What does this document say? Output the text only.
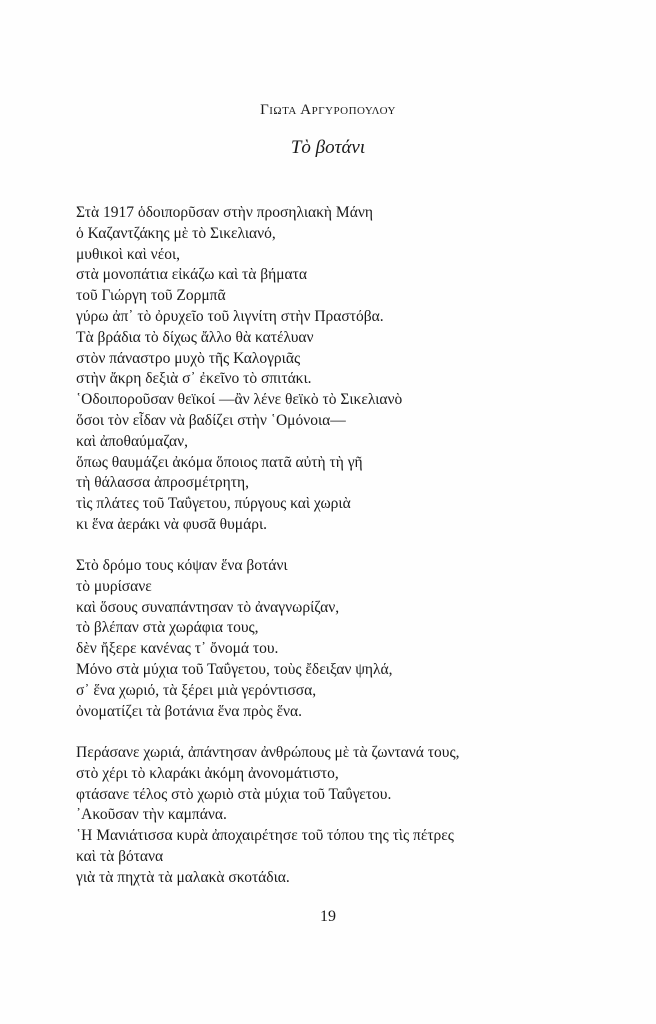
Γιωτα Αργυροπουλου
Τὸ βοτάνι
Στὰ 1917 ὁδοιπορῦσαν στὴν προσηλιακὴ Μάνη
ὁ Καζαντζάκης μὲ τὸ Σικελιανό,
μυθικοὶ καὶ νέοι,
στὰ μονοπάτια εἰκάζω καὶ τὰ βήματα
τοῦ Γιώργη τοῦ Ζορμπᾶ
γύρω ἀπ᾽ τὸ ὀρυχεῖο τοῦ λιγνίτη στὴν Πραστόβα.
Τὰ βράδια τὸ δίχως ἄλλο θὰ κατέλυαν
στὸν πάναστρο μυχὸ τῆς Καλογριᾶς
στὴν ἄκρη δεξιὰ σ᾽ ἐκεῖνο τὸ σπιτάκι.
῾Οδοιποροῦσαν θεϊκοί —ἂν λένε θεϊκὸ τὸ Σικελιανὸ
ὅσοι τὸν εἶδαν νὰ βαδίζει στὴν ῾Ομόνοια—
καὶ ἀποθαύμαζαν,
ὅπως θαυμάζει ἀκόμα ὅποιος πατᾶ αὐτὴ τὴ γῆ
τὴ θάλασσα ἀπροσμέτρητη,
τὶς πλάτες τοῦ Ταΰγετου, πύργους καὶ χωριὰ
κι ἕνα ἀεράκι νὰ φυσᾶ θυμάρι.
Στὸ δρόμο τους κόψαν ἕνα βοτάνι
τὸ μυρίσανε
καὶ ὅσους συναπάντησαν τὸ ἀναγνωρίζαν,
τὸ βλέπαν στὰ χωράφια τους,
δὲν ἤξερε κανένας τ᾽ ὄνομά του.
Μόνο στὰ μύχια τοῦ Ταΰγετου, τοὺς ἔδειξαν ψηλά,
σ᾽ ἕνα χωριό, τὰ ξέρει μιὰ γερόντισσα,
ὀνοματίζει τὰ βοτάνια ἕνα πρὸς ἕνα.
Περάσανε χωριά, ἀπάντησαν ἀνθρώπους μὲ τὰ ζωντανά τους,
στὸ χέρι τὸ κλαράκι ἀκόμη ἀνονομάτιστο,
φτάσανε τέλος στὸ χωριὸ στὰ μύχια τοῦ Ταΰγετου.
᾽Ακοῦσαν τὴν καμπάνα.
῾Η Μανιάτισσα κυρὰ ἀποχαιρέτησε τοῦ τόπου της τὶς πέτρες
καὶ τὰ βότανα
γιὰ τὰ πηχτὰ τὰ μαλακὰ σκοτάδια.
19
